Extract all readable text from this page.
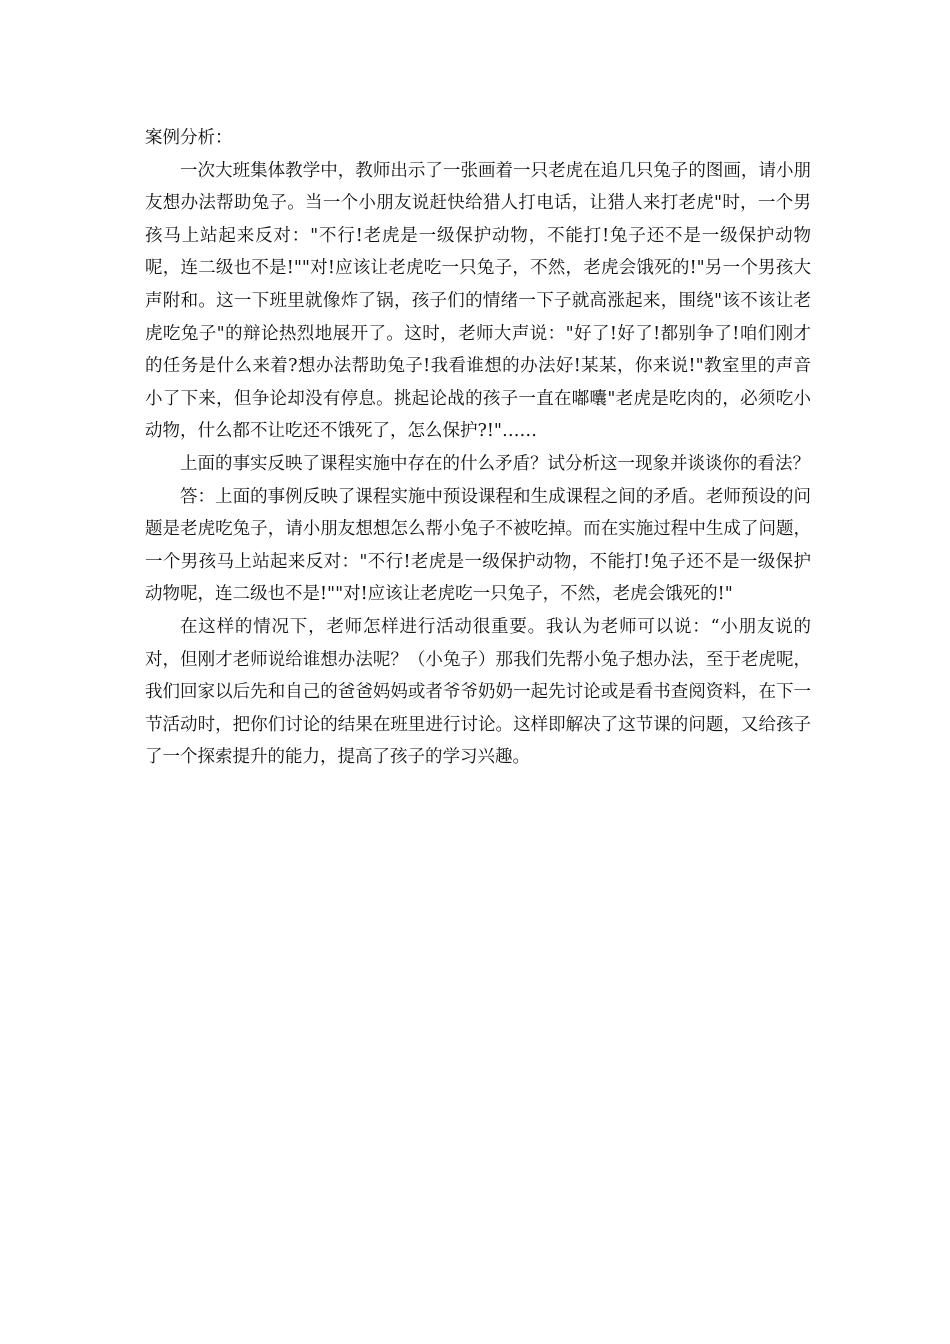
案例分析：

一次大班集体教学中，教师出示了一张画着一只老虎在追几只兔子的图画，请小朋友想办法帮助兔子。当一个小朋友说赶快给猎人打电话，让猎人来打老虎"时，一个男孩马上站起来反对："不行!老虎是一级保护动物，不能打!兔子还不是一级保护动物呢，连二级也不是!""对!应该让老虎吃一只兔子，不然，老虎会饿死的!"另一个男孩大声附和。这一下班里就像炸了锅，孩子们的情绪一下子就高涨起来，围绕"该不该让老虎吃兔子"的辩论热烈地展开了。这时，老师大声说："好了!好了!都别争了!咱们刚才的任务是什么来着?想办法帮助兔子!我看谁想的办法好!某某，你来说!"教室里的声音小了下来，但争论却没有停息。挑起论战的孩子一直在嘟囔"老虎是吃肉的，必须吃小动物，什么都不让吃还不饿死了，怎么保护?!"……

上面的事实反映了课程实施中存在的什么矛盾？试分析这一现象并谈谈你的看法？

答：上面的事例反映了课程实施中预设课程和生成课程之间的矛盾。老师预设的问题是老虎吃兔子，请小朋友想想怎么帮小兔子不被吃掉。而在实施过程中生成了问题，一个男孩马上站起来反对："不行!老虎是一级保护动物，不能打!兔子还不是一级保护动物呢，连二级也不是!""对!应该让老虎吃一只兔子，不然，老虎会饿死的!"

在这样的情况下，老师怎样进行活动很重要。我认为老师可以说：“小朋友说的对，但刚才老师说给谁想办法呢？（小兔子）那我们先帮小兔子想办法，至于老虎呢，我们回家以后先和自己的爸爸妈妈或者爷爷奶奶一起先讨论或是看书查阅资料，在下一节活动时，把你们讨论的结果在班里进行讨论。这样即解决了这节课的问题，又给孩子了一个探索提升的能力，提高了孩子的学习兴趣。
